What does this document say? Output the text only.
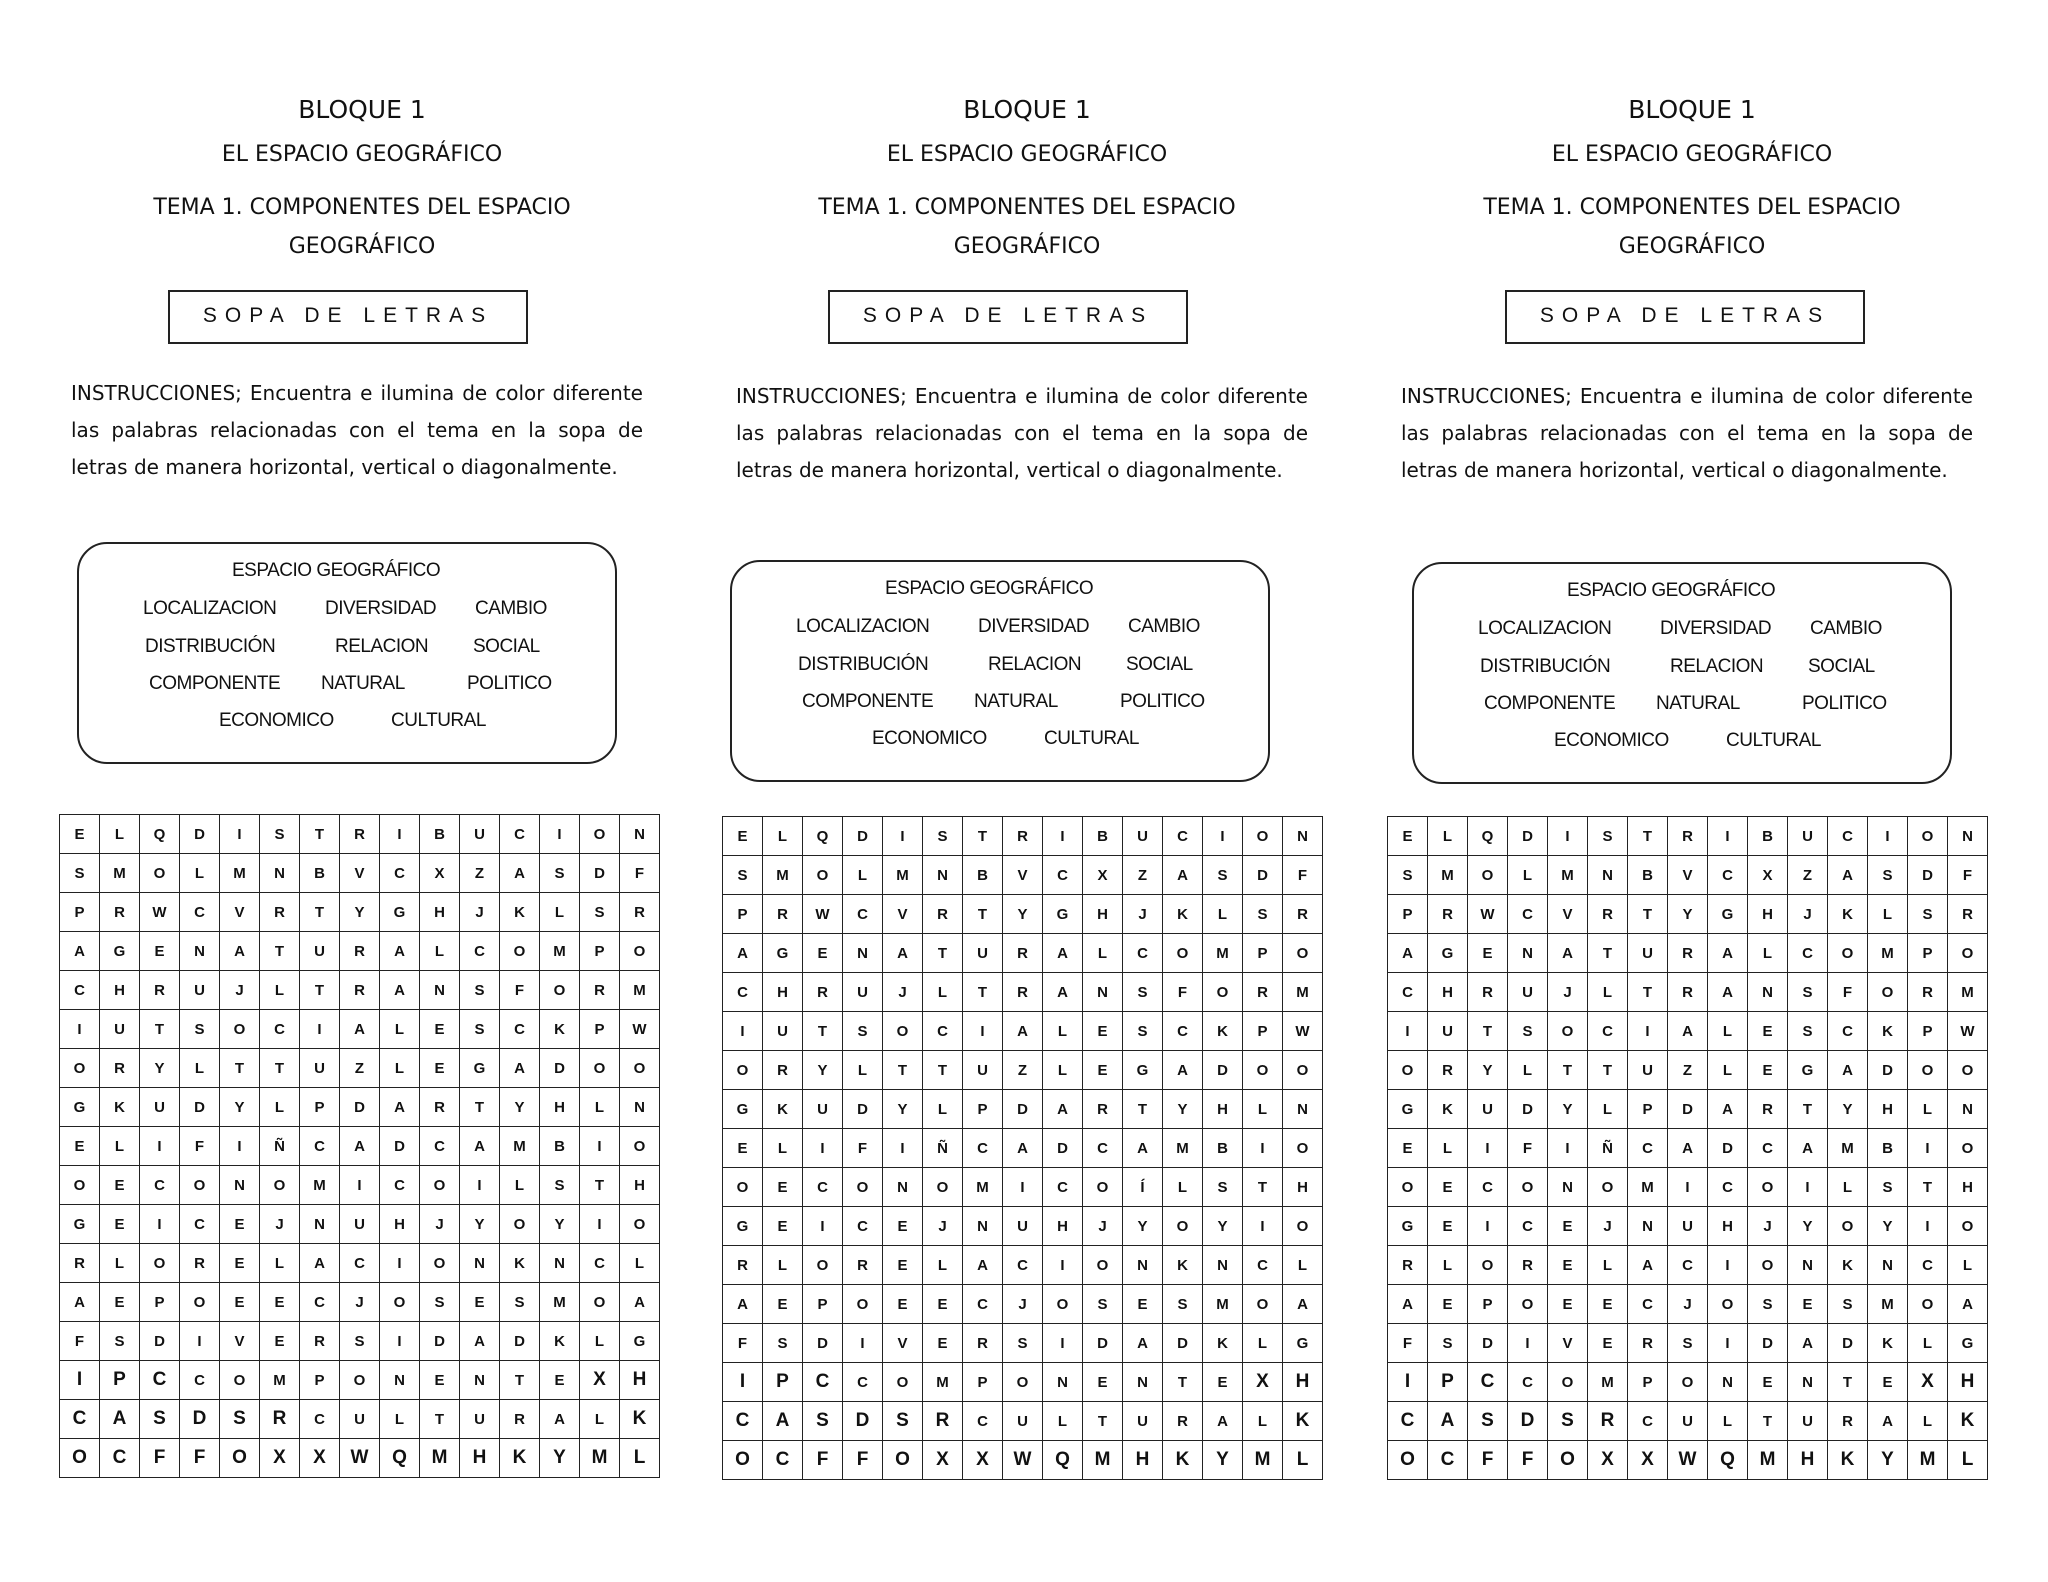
BLOQUE 1
EL ESPACIO GEOGRÁFICO
TEMA 1. COMPONENTES DEL ESPACIO
GEOGRÁFICO
SOPA DE LETRAS
INSTRUCCIONES; Encuentra e ilumina de color diferente las palabras relacionadas con el tema en la sopa de letras de manera horizontal, vertical o diagonalmente.
ESPACIO GEOGRÁFICO
LOCALIZACION	DIVERSIDAD CAMBIO
DISTRIBUCIÓN	RELACION SOCIAL
COMPONENTE NATURAL	POLITICO
ECONOMICO	CULTURAL
E	L	Q	D	I	S	T	R	I	B	U	C	I	O	N
S	M	O	L	M	N	B	V	C	X	Z	A	S	D	F
P	R	W	C	V	R	T	Y	G	H	J	K	L	S	R
A	G	E	N	A	T	U	R	A	L	C	O	M	P	O
C	H	R	U	J	L	T	R	A	N	S	F	O	R	M
I	U	T	S	O	C	I	A	L	E	S	C	K	P	W
O	R	Y	L	T	T	U	Z	L	E	G	A	D	O	O
G	K	U	D	Y	L	P	D	A	R	T	Y	H	L	N
E	L	I	F	I	Ñ	C	A	D	C	A	M	B	I	O
O	E	C	O	N	O	M	I	C	O	I	L	S	T	H
G	E	I	C	E	J	N	U	H	J	Y	O	Y	I	O
R	L	O	R	E	L	A	C	I	O	N	K	N	C	L
A	E	P	O	E	E	C	J	O	S	E	S	M	O	A
F	S	D	I	V	E	R	S	I	D	A	D	K	L	G
I	P	C	C	O	M	P	O	N	E	N	T	E	X	H
C	A	S	D	S	R	C	U	L	T	U	R	A	L	K
O	C	F	F	O	X	X	W	Q	M	H	K	Y	M	L
BLOQUE 1
EL ESPACIO GEOGRÁFICO
TEMA 1. COMPONENTES DEL ESPACIO
GEOGRÁFICO
SOPA DE LETRAS
INSTRUCCIONES; Encuentra e ilumina de color diferente las palabras relacionadas con el tema en la sopa de letras de manera horizontal, vertical o diagonalmente.
ESPACIO GEOGRÁFICO
LOCALIZACION	DIVERSIDAD CAMBIO
DISTRIBUCIÓN	RELACION SOCIAL
COMPONENTE NATURAL	POLITICO
ECONOMICO	CULTURAL
E	L	Q	D	I	S	T	R	I	B	U	C	I	O	N
S	M	O	L	M	N	B	V	C	X	Z	A	S	D	F
P	R	W	C	V	R	T	Y	G	H	J	K	L	S	R
A	G	E	N	A	T	U	R	A	L	C	O	M	P	O
C	H	R	U	J	L	T	R	A	N	S	F	O	R	M
I	U	T	S	O	C	I	A	L	E	S	C	K	P	W
O	R	Y	L	T	T	U	Z	L	E	G	A	D	O	O
G	K	U	D	Y	L	P	D	A	R	T	Y	H	L	N
E	L	I	F	I	Ñ	C	A	D	C	A	M	B	I	O
O	E	C	O	N	O	M	I	C	O	Í	L	S	T	H
G	E	I	C	E	J	N	U	H	J	Y	O	Y	I	O
R	L	O	R	E	L	A	C	I	O	N	K	N	C	L
A	E	P	O	E	E	C	J	O	S	E	S	M	O	A
F	S	D	I	V	E	R	S	I	D	A	D	K	L	G
I	P	C	C	O	M	P	O	N	E	N	T	E	X	H
C	A	S	D	S	R	C	U	L	T	U	R	A	L	K
O	C	F	F	O	X	X	W	Q	M	H	K	Y	M	L
BLOQUE 1
EL ESPACIO GEOGRÁFICO
TEMA 1. COMPONENTES DEL ESPACIO
GEOGRÁFICO
SOPA DE LETRAS
INSTRUCCIONES; Encuentra e ilumina de color diferente las palabras relacionadas con el tema en la sopa de letras de manera horizontal, vertical o diagonalmente.
ESPACIO GEOGRÁFICO
LOCALIZACION	DIVERSIDAD CAMBIO
DISTRIBUCIÓN	RELACION SOCIAL
COMPONENTE NATURAL	POLITICO
ECONOMICO	CULTURAL
E	L	Q	D	I	S	T	R	I	B	U	C	I	O	N
S	M	O	L	M	N	B	V	C	X	Z	A	S	D	F
P	R	W	C	V	R	T	Y	G	H	J	K	L	S	R
A	G	E	N	A	T	U	R	A	L	C	O	M	P	O
C	H	R	U	J	L	T	R	A	N	S	F	O	R	M
I	U	T	S	O	C	I	A	L	E	S	C	K	P	W
O	R	Y	L	T	T	U	Z	L	E	G	A	D	O	O
G	K	U	D	Y	L	P	D	A	R	T	Y	H	L	N
E	L	I	F	I	Ñ	C	A	D	C	A	M	B	I	O
O	E	C	O	N	O	M	I	C	O	I	L	S	T	H
G	E	I	C	E	J	N	U	H	J	Y	O	Y	I	O
R	L	O	R	E	L	A	C	I	O	N	K	N	C	L
A	E	P	O	E	E	C	J	O	S	E	S	M	O	A
F	S	D	I	V	E	R	S	I	D	A	D	K	L	G
I	P	C	C	O	M	P	O	N	E	N	T	E	X	H
C	A	S	D	S	R	C	U	L	T	U	R	A	L	K
O	C	F	F	O	X	X	W	Q	M	H	K	Y	M	L
